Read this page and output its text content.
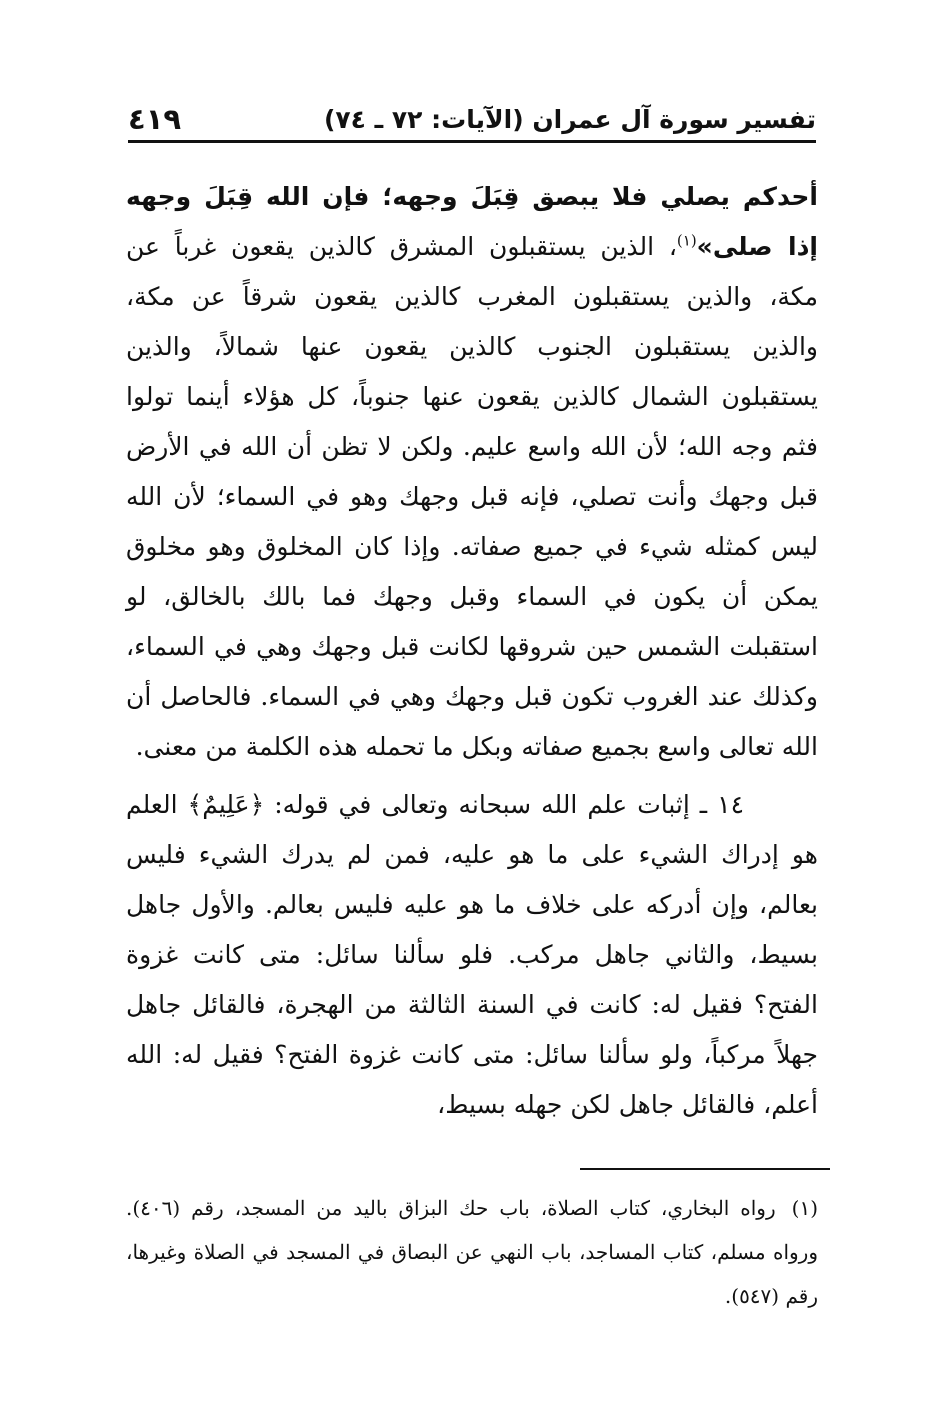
تفسير سورة آل عمران (الآيات: ٧٢ ـ ٧٤)
٤١٩

أحدكم يصلي فلا يبصق قِبَلَ وجهه؛ فإن الله قِبَلَ وجهه إذا صلى»$^{(١)}$، الذين يستقبلون المشرق كالذين يقعون غرباً عن مكة، والذين يستقبلون المغرب كالذين يقعون شرقاً عن مكة، والذين يستقبلون الجنوب كالذين يقعون عنها شمالاً، والذين يستقبلون الشمال كالذين يقعون عنها جنوباً، كل هؤلاء أينما تولوا فثم وجه الله؛ لأن الله واسع عليم. ولكن لا تظن أن الله في الأرض قبل وجهك وأنت تصلي، فإنه قبل وجهك وهو في السماء؛ لأن الله ليس كمثله شيء في جميع صفاته. وإذا كان المخلوق وهو مخلوق يمكن أن يكون في السماء وقبل وجهك فما بالك بالخالق، لو استقبلت الشمس حين شروقها لكانت قبل وجهك وهي في السماء، وكذلك عند الغروب تكون قبل وجهك وهي في السماء. فالحاصل أن الله تعالى واسع بجميع صفاته وبكل ما تحمله هذه الكلمة من معنى.

١٤ ـ إثبات علم الله سبحانه وتعالى في قوله: ﴿عَلِيمٌ﴾ العلم هو إدراك الشيء على ما هو عليه، فمن لم يدرك الشيء فليس بعالم، وإن أدركه على خلاف ما هو عليه فليس بعالم. والأول جاهل بسيط، والثاني جاهل مركب. فلو سألنا سائل: متى كانت غزوة الفتح؟ فقيل له: كانت في السنة الثالثة من الهجرة، فالقائل جاهل جهلاً مركباً، ولو سألنا سائل: متى كانت غزوة الفتح؟ فقيل له: الله أعلم، فالقائل جاهل لكن جهله بسيط،

(١)رواه البخاري، كتاب الصلاة، باب حك البزاق باليد من المسجد، رقم (٤٠٦). ورواه مسلم، كتاب المساجد، باب النهي عن البصاق في المسجد في الصلاة وغيرها، رقم (٥٤٧).
